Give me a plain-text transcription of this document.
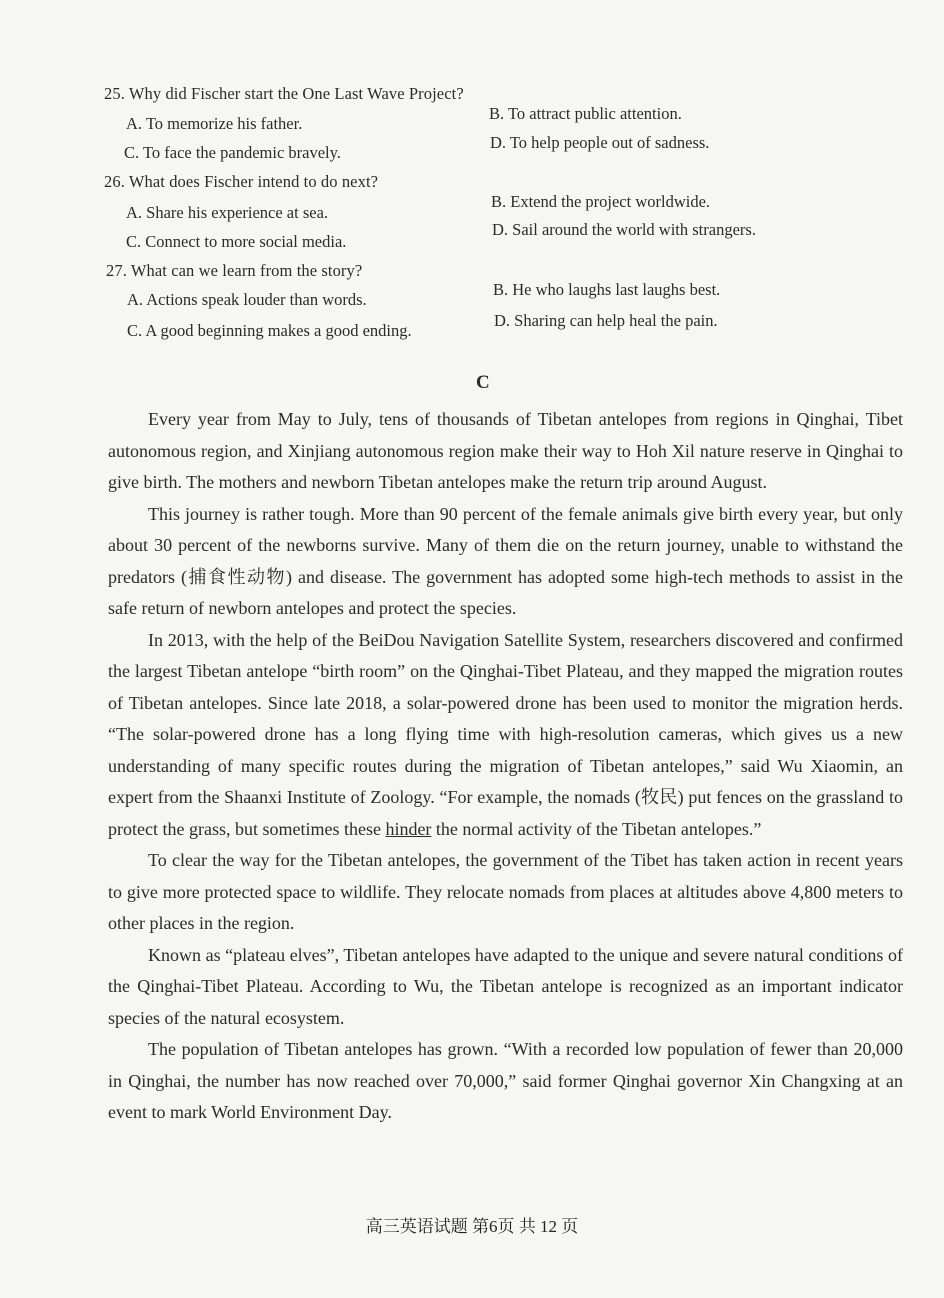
25. Why did Fischer start the One Last Wave Project?
A. To memorize his father.
B. To attract public attention.
C. To face the pandemic bravely.
D. To help people out of sadness.
26. What does Fischer intend to do next?
A. Share his experience at sea.
B. Extend the project worldwide.
C. Connect to more social media.
D. Sail around the world with strangers.
27. What can we learn from the story?
A. Actions speak louder than words.
B. He who laughs last laughs best.
C. A good beginning makes a good ending.
D. Sharing can help heal the pain.
C

Every year from May to July, tens of thousands of Tibetan antelopes from regions in Qinghai, Tibet autonomous region, and Xinjiang autonomous region make their way to Hoh Xil nature reserve in Qinghai to give birth. The mothers and newborn Tibetan antelopes make the return trip around August.

This journey is rather tough. More than 90 percent of the female animals give birth every year, but only about 30 percent of the newborns survive. Many of them die on the return journey, unable to withstand the predators (捕食性动物) and disease. The government has adopted some high-tech methods to assist in the safe return of newborn antelopes and protect the species.

In 2013, with the help of the BeiDou Navigation Satellite System, researchers discovered and confirmed the largest Tibetan antelope “birth room” on the Qinghai-Tibet Plateau, and they mapped the migration routes of Tibetan antelopes. Since late 2018, a solar-powered drone has been used to monitor the migration herds. “The solar-powered drone has a long flying time with high-resolution cameras, which gives us a new understanding of many specific routes during the migration of Tibetan antelopes,” said Wu Xiaomin, an expert from the Shaanxi Institute of Zoology. “For example, the nomads (牧民) put fences on the grassland to protect the grass, but sometimes these hinder the normal activity of the Tibetan antelopes.”

To clear the way for the Tibetan antelopes, the government of the Tibet has taken action in recent years to give more protected space to wildlife. They relocate nomads from places at altitudes above 4,800 meters to other places in the region.

Known as “plateau elves”, Tibetan antelopes have adapted to the unique and severe natural conditions of the Qinghai-Tibet Plateau. According to Wu, the Tibetan antelope is recognized as an important indicator species of the natural ecosystem.

The population of Tibetan antelopes has grown. “With a recorded low population of fewer than 20,000 in Qinghai, the number has now reached over 70,000,” said former Qinghai governor Xin Changxing at an event to mark World Environment Day.

高三英语试题 第6页 共 12 页
